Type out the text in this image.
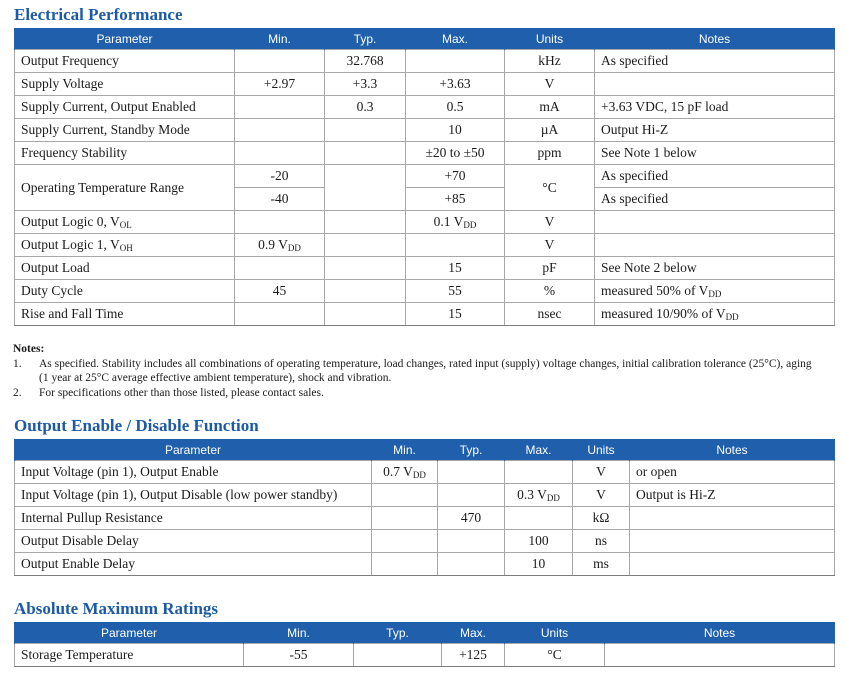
Electrical Performance
Parameter	Min.	Typ.	Max.	Units	Notes
Output Frequency		32.768		kHz	As specified
Supply Voltage	+2.97	+3.3	+3.63	V	
Supply Current, Output Enabled		0.3	0.5	mA	+3.63 VDC, 15 pF load
Supply Current, Standby Mode			10	µA	Output Hi-Z
Frequency Stability			±20 to ±50	ppm	See Note 1 below
Operating Temperature Range	-20		+70	°C	As specified
	-40		+85		As specified
Output Logic 0, $V_{OL}$			0.1 $V_{DD}$	V	
Output Logic 1, $V_{OH}$	0.9 $V_{DD}$			V	
Output Load			15	pF	See Note 2 below
Duty Cycle	45		55	%	measured 50% of $V_{DD}$
Rise and Fall Time			15	nsec	measured 10/90% of $V_{DD}$
Notes:
1.	As specified. Stability includes all combinations of operating temperature, load changes, rated input (supply) voltage changes, initial calibration tolerance (25°C), aging (1 year at 25°C average effective ambient temperature), shock and vibration.
2.	For specifications other than those listed, please contact sales.
Output Enable / Disable Function
Parameter	Min.	Typ.	Max.	Units	Notes
Input Voltage (pin 1), Output Enable	0.7 $V_{DD}$			V	or open
Input Voltage (pin 1), Output Disable (low power standby)			0.3 $V_{DD}$	V	Output is Hi-Z
Internal Pullup Resistance		470		kΩ	
Output Disable Delay			100	ns	
Output Enable Delay			10	ms	
Absolute Maximum Ratings
Parameter	Min.	Typ.	Max.	Units	Notes
Storage Temperature	-55		+125	°C	
